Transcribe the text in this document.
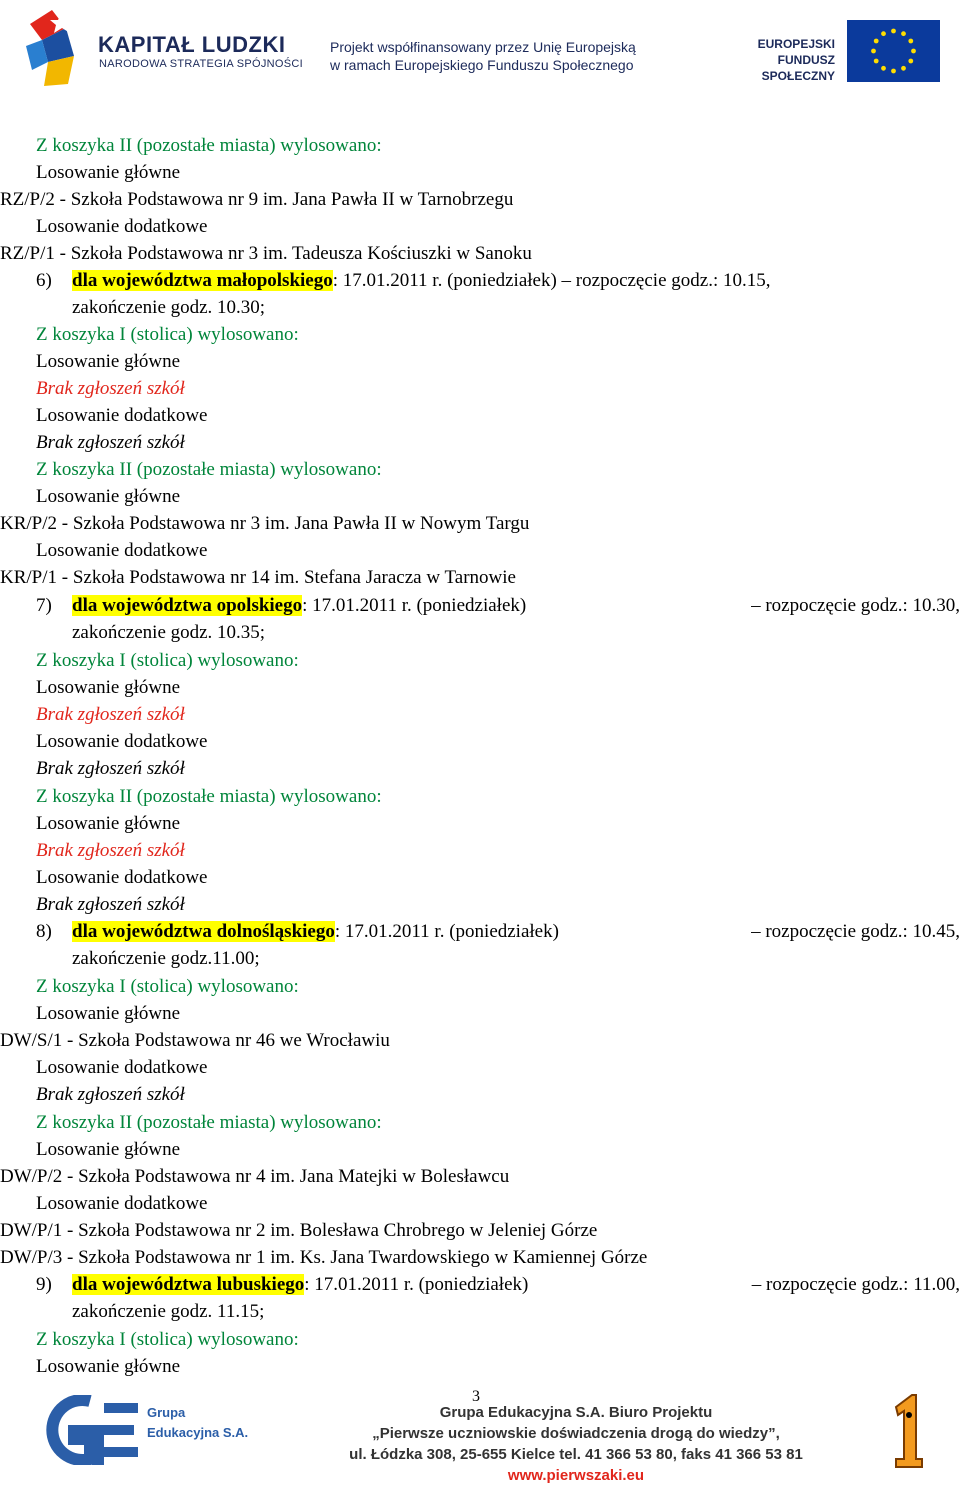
KAPITAŁ LUDZKI
NARODOWA STRATEGIA SPÓJNOŚCI
Projekt współfinansowany przez Unię Europejską
w ramach Europejskiego Funduszu Społecznego
EUROPEJSKI
FUNDUSZ SPOŁECZNY
Z koszyka II (pozostałe miasta) wylosowano:
Losowanie główne
RZ/P/2 - Szkoła Podstawowa nr 9 im. Jana Pawła II w Tarnobrzegu
Losowanie dodatkowe
RZ/P/1 - Szkoła Podstawowa nr 3 im. Tadeusza Kościuszki w Sanoku
6) dla województwa małopolskiego: 17.01.2011 r. (poniedziałek) – rozpoczęcie godz.: 10.15,
zakończenie godz. 10.30;
Z koszyka I (stolica) wylosowano:
Losowanie główne
Brak zgłoszeń szkół
Losowanie dodatkowe
Brak zgłoszeń szkół
Z koszyka II (pozostałe miasta) wylosowano:
Losowanie główne
KR/P/2 - Szkoła Podstawowa nr 3 im. Jana Pawła II w Nowym Targu
Losowanie dodatkowe
KR/P/1 - Szkoła Podstawowa nr 14 im. Stefana Jaracza w Tarnowie
7) dla województwa opolskiego: 17.01.2011 r. (poniedziałek)	– rozpoczęcie godz.: 10.30,
zakończenie godz. 10.35;
Z koszyka I (stolica) wylosowano:
Losowanie główne
Brak zgłoszeń szkół
Losowanie dodatkowe
Brak zgłoszeń szkół
Z koszyka II (pozostałe miasta) wylosowano:
Losowanie główne
Brak zgłoszeń szkół
Losowanie dodatkowe
Brak zgłoszeń szkół
8) dla województwa dolnośląskiego: 17.01.2011 r. (poniedziałek)	– rozpoczęcie godz.: 10.45,
zakończenie godz.11.00;
Z koszyka I (stolica) wylosowano:
Losowanie główne
DW/S/1 - Szkoła Podstawowa nr 46 we Wrocławiu
Losowanie dodatkowe
Brak zgłoszeń szkół
Z koszyka II (pozostałe miasta) wylosowano:
Losowanie główne
DW/P/2 - Szkoła Podstawowa nr 4 im. Jana Matejki w Bolesławcu
Losowanie dodatkowe
DW/P/1 - Szkoła Podstawowa nr 2 im. Bolesława Chrobrego w Jeleniej Górze
DW/P/3 - Szkoła Podstawowa nr 1 im. Ks. Jana Twardowskiego w Kamiennej Górze
9) dla województwa lubuskiego: 17.01.2011 r. (poniedziałek)	– rozpoczęcie godz.: 11.00,
zakończenie godz. 11.15;
Z koszyka I (stolica) wylosowano:
Losowanie główne
Grupa
Edukacyjna S.A.
Grupa Edukacyjna S.A. Biuro Projektu
„Pierwsze uczniowskie doświadczenia drogą do wiedzy”,
ul. Łódzka 308, 25-655 Kielce tel. 41 366 53 80, faks 41 366 53 81
www.pierwszaki.eu
3
